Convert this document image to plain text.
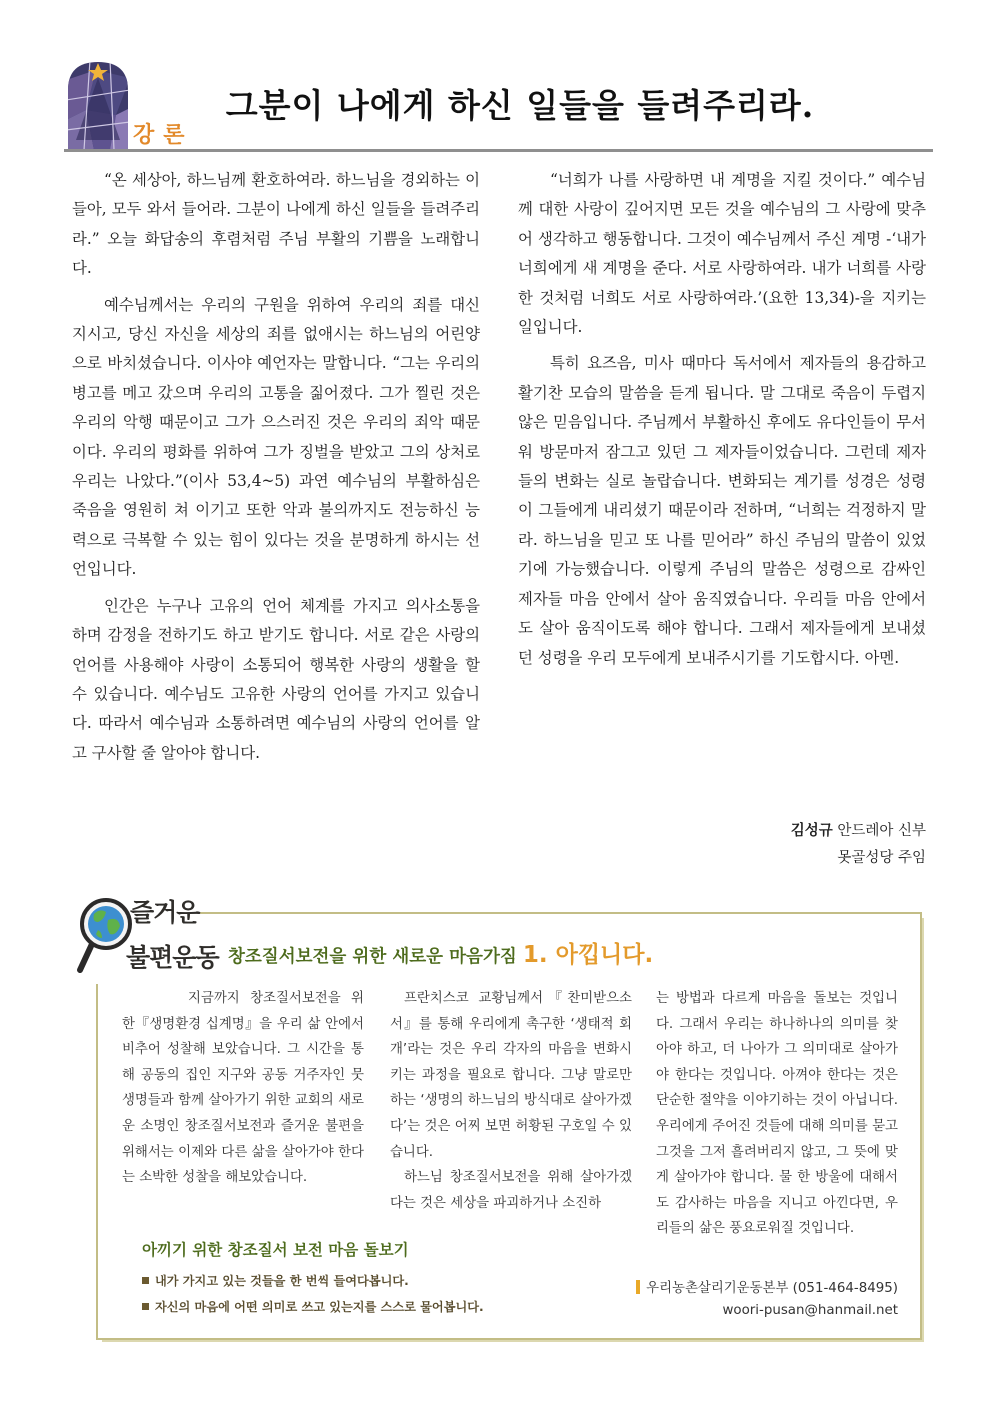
강론
그분이 나에게 하신 일들을 들려주리라.

“온 세상아, 하느님께 환호하여라. 하느님을 경외하는 이들아, 모두 와서 들어라. 그분이 나에게 하신 일들을 들려주리라.” 오늘 화답송의 후렴처럼 주님 부활의 기쁨을 노래합니다.

예수님께서는 우리의 구원을 위하여 우리의 죄를 대신 지시고, 당신 자신을 세상의 죄를 없애시는 하느님의 어린양으로 바치셨습니다. 이사야 예언자는 말합니다. “그는 우리의 병고를 메고 갔으며 우리의 고통을 짊어졌다. 그가 찔린 것은 우리의 악행 때문이고 그가 으스러진 것은 우리의 죄악 때문이다. 우리의 평화를 위하여 그가 징벌을 받았고 그의 상처로 우리는 나았다.”(이사 53,4~5) 과연 예수님의 부활하심은 죽음을 영원히 쳐 이기고 또한 악과 불의까지도 전능하신 능력으로 극복할 수 있는 힘이 있다는 것을 분명하게 하시는 선언입니다.

인간은 누구나 고유의 언어 체계를 가지고 의사소통을 하며 감정을 전하기도 하고 받기도 합니다. 서로 같은 사랑의 언어를 사용해야 사랑이 소통되어 행복한 사랑의 생활을 할 수 있습니다. 예수님도 고유한 사랑의 언어를 가지고 있습니다. 따라서 예수님과 소통하려면 예수님의 사랑의 언어를 알고 구사할 줄 알아야 합니다.

“너희가 나를 사랑하면 내 계명을 지킬 것이다.” 예수님께 대한 사랑이 깊어지면 모든 것을 예수님의 그 사랑에 맞추어 생각하고 행동합니다. 그것이 예수님께서 주신 계명 -‘내가 너희에게 새 계명을 준다. 서로 사랑하여라. 내가 너희를 사랑한 것처럼 너희도 서로 사랑하여라.’(요한 13,34)-을 지키는 일입니다.

특히 요즈음, 미사 때마다 독서에서 제자들의 용감하고 활기찬 모습의 말씀을 듣게 됩니다. 말 그대로 죽음이 두렵지 않은 믿음입니다. 주님께서 부활하신 후에도 유다인들이 무서워 방문마저 잠그고 있던 그 제자들이었습니다. 그런데 제자들의 변화는 실로 놀랍습니다. 변화되는 계기를 성경은 성령이 그들에게 내리셨기 때문이라 전하며, “너희는 걱정하지 말라. 하느님을 믿고 또 나를 믿어라” 하신 주님의 말씀이 있었기에 가능했습니다. 이렇게 주님의 말씀은 성령으로 감싸인 제자들 마음 안에서 살아 움직였습니다. 우리들 마음 안에서도 살아 움직이도록 해야 합니다. 그래서 제자들에게 보내셨던 성령을 우리 모두에게 보내주시기를 기도합시다. 아멘.

김성규 안드레아 신부
못골성당 주임
즐거운
불편운동 창조질서보전을 위한 새로운 마음가짐 1. 아낍니다.

지금까지 창조질서보전을 위한『생명환경 십계명』을 우리 삶 안에서 비추어 성찰해 보았습니다. 그 시간을 통해 공동의 집인 지구와 공동 거주자인 뭇 생명들과 함께 살아가기 위한 교회의 새로운 소명인 창조질서보전과 즐거운 불편을 위해서는 이제와 다른 삶을 살아가야 한다는 소박한 성찰을 해보았습니다.

프란치스코 교황님께서『찬미받으소서』를 통해 우리에게 촉구한 ‘생태적 회개’라는 것은 우리 각자의 마음을 변화시키는 과정을 필요로 합니다. 그냥 말로만 하는 ‘생명의 하느님의 방식대로 살아가겠다’는 것은 어찌 보면 허황된 구호일 수 있습니다.

하느님 창조질서보전을 위해 살아가겠다는 것은 세상을 파괴하거나 소진하

는 방법과 다르게 마음을 돌보는 것입니다. 그래서 우리는 하나하나의 의미를 찾아야 하고, 더 나아가 그 의미대로 살아가야 한다는 것입니다. 아껴야 한다는 것은 단순한 절약을 이야기하는 것이 아닙니다. 우리에게 주어진 것들에 대해 의미를 묻고 그것을 그저 흘려버리지 않고, 그 뜻에 맞게 살아가야 합니다. 물 한 방울에 대해서도 감사하는 마음을 지니고 아낀다면, 우리들의 삶은 풍요로워질 것입니다.

아끼기 위한 창조질서 보전 마음 돌보기
내가 가지고 있는 것들을 한 번씩 들여다봅니다.
자신의 마음에 어떤 의미로 쓰고 있는지를 스스로 물어봅니다.
우리농촌살리기운동본부 (051-464-8495)
woori-pusan@hanmail.net
